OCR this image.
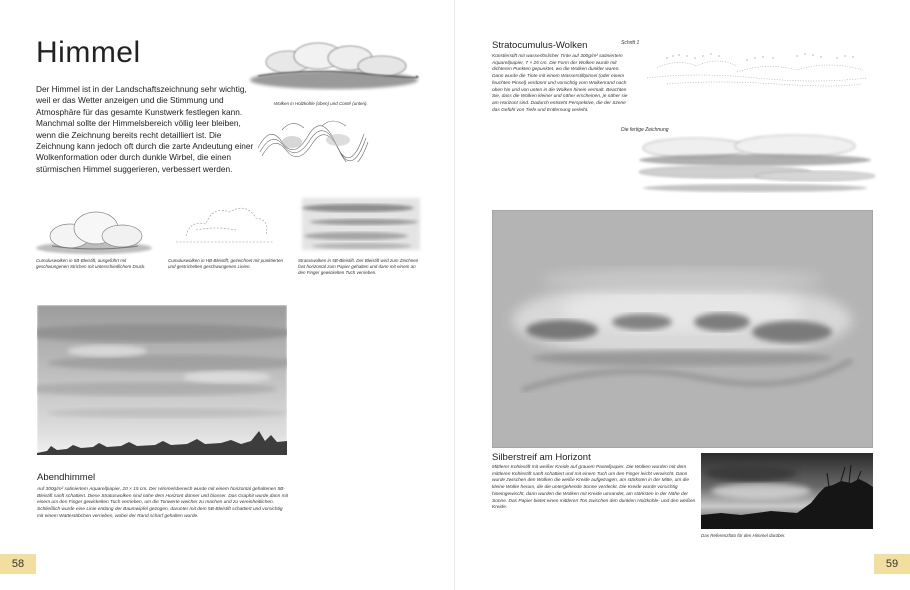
Himmel
Der Himmel ist in der Landschaftszeichnung sehr wichtig, weil er das Wetter anzeigen und die Stimmung und Atmosphäre für das gesamte Kunstwerk festlegen kann. Manchmal sollte der Himmelsbereich völlig leer bleiben, wenn die Zeichnung bereits recht detailliert ist. Die Zeichnung kann jedoch oft durch die zarte Andeutung einer Wolkenformation oder durch dunkle Wirbel, die einen stürmischen Himmel suggerieren, verbessert werden.
Wolken in Holzkohle (oben) und Conté (unten).
Cumuluswolken in 5B-Bleistift, ausgeführt mit geschwungenen Strichen mit unterschiedlichem Druck.
Cumuluswolken in HB-Bleistift, gezeichnet mit punktierten und gestrichelten geschwungenen Linien.
Stratuswolken in 5B-Bleistift. Der Bleistift wird zum Zeichnen fast horizontal zum Papier gehalten und dann mit einem an den Finger gewickelten Tuch verrieben.
Abendhimmel
Auf 300g/m² satiniertem Aquarellpapier, 20 × 15 cm. Der Himmelsbereich wurde mit einem horizontal gehaltenen 5B-Bleistift sanft schattiert. Diese Stratuswolken sind nahe dem Horizont dünner und blasser. Das Graphit wurde dann mit einem um den Finger gewickelten Tuch verrieben, um die Tonwerte weicher zu machen und zu vereinheitlichen. Schließlich wurde eine Linie entlang der Baumwipfel gezogen, darunter mit dem 5B-Bleistift schattiert und vorsichtig mit einem Wattestäbchen verrieben, wobei der Rand scharf gehalten wurde.
58
Stratocumulus-Wolken
Künstlerstift mit wasserlöslicher Tinte auf 300g/m² satiniertem Aquarellpapier, 7 × 25 cm. Die Form der Wolken wurde mit dichteren Punkten gepunktet, wo die Wolken dunkler waren. Dann wurde die Tinte mit einem Wasserstiftpinsel (oder einem feuchten Pinsel) verdünnt und vorsichtig vom Wolkenrand nach oben hin und von unten in die Wolken hinein vermalt. Beachten Sie, dass die Wolken kleiner und näher erscheinen, je näher sie am Horizont sind. Dadurch entsteht Perspektive, die der Szene das Gefühl von Tiefe und Entfernung verleiht.
Schritt 1
Die fertige Zeichnung
Silberstreif am Horizont
Mittlerer Kohlestift mit weißer Kreide auf grauem Pastellpapier. Die Wolken wurden mit dem mittleren Kohlestift sanft schattiert und mit einem Tuch um den Finger leicht verwischt. Dann wurde zwischen den Wolken die weiße Kreide aufgetragen, am stärksten in der Mitte, um die kleine Wolke herum, die die untergehende Sonne verdeckt. Die Kreide wurde vorsichtig hineingewischt, dann wurden die Wolken mit Kreide umrandet, am stärksten in der Nähe der Sonne. Das Papier bietet einen mittleren Ton zwischen den dunklen Holzkohle- und den weißen Kreide.
Das Referenzfoto für den Himmel darüber.
59
